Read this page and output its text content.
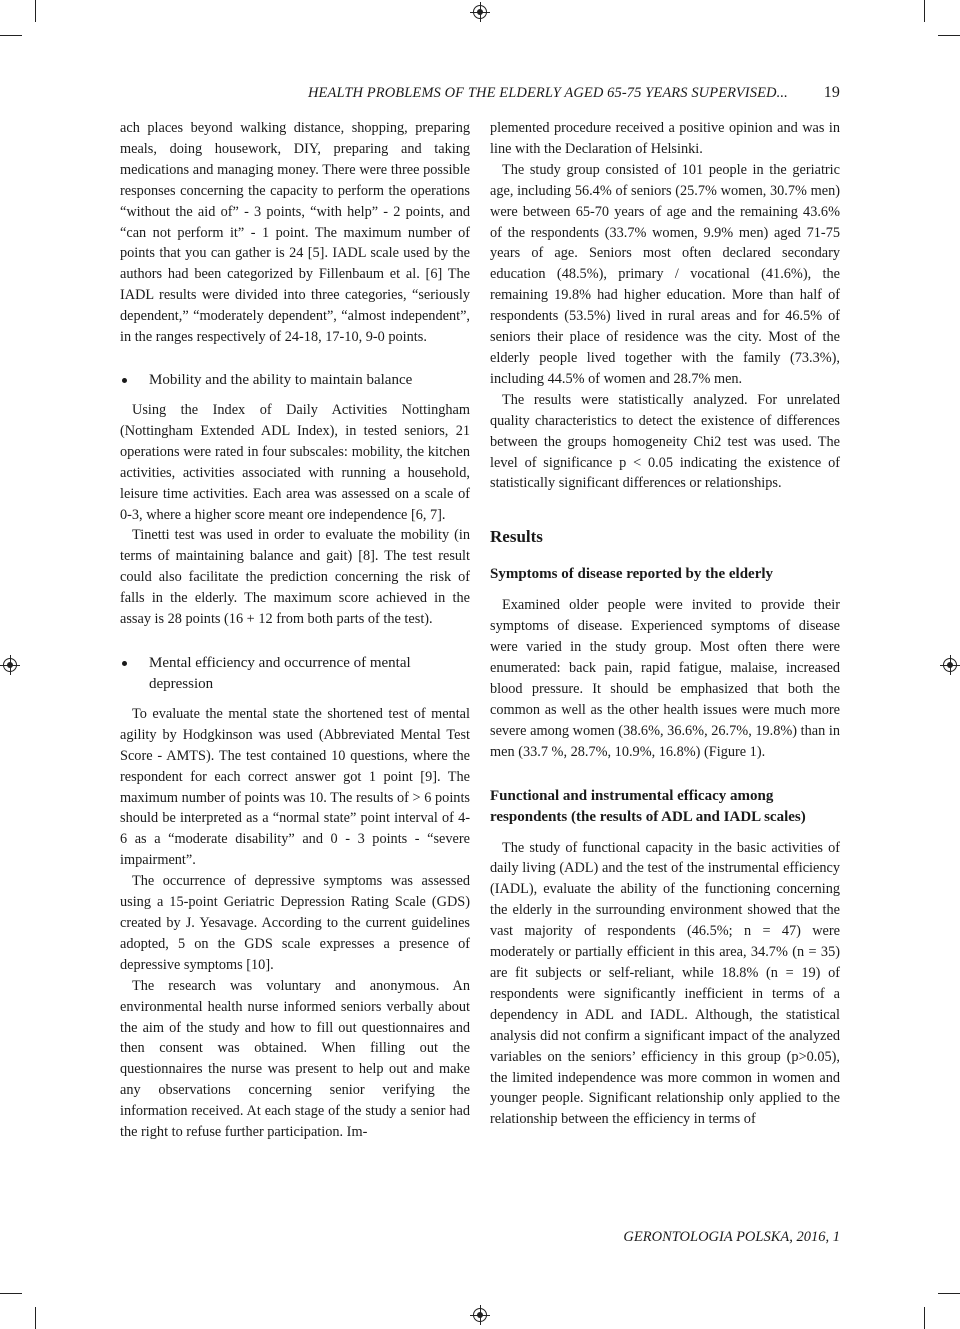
HEALTH PROBLEMS OF THE ELDERLY AGED 65-75 YEARS SUPERVISED... 19

ach places beyond walking distance, shopping, preparing meals, doing housework, DIY, preparing and taking medications and managing money. There were three possible responses concerning the capacity to perform the operations “without the aid of” - 3 points, “with help” - 2 points, and “can not perform it” - 1 point. The maximum number of points that you can gather is 24 [5]. IADL scale used by the authors had been categorized by Fillenbaum et al. [6] The IADL results were divided into three categories, “seriously dependent,” “moderately dependent”, “almost independent”, in the ranges respectively of 24-18, 17-10, 9-0 points.

Mobility and the ability to maintain balance

Using the Index of Daily Activities Nottingham (Nottingham Extended ADL Index), in tested seniors, 21 operations were rated in four subscales: mobility, the kitchen activities, activities associated with running a household, leisure time activities. Each area was assessed on a scale of 0-3, where a higher score meant ore independence [6, 7].

Tinetti test was used in order to evaluate the mobility (in terms of maintaining balance and gait) [8]. The test result could also facilitate the prediction concerning the risk of falls in the elderly. The maximum score achieved in the assay is 28 points (16 + 12 from both parts of the test).

Mental efficiency and occurrence of mental depression

To evaluate the mental state the shortened test of mental agility by Hodgkinson was used (Abbreviated Mental Test Score - AMTS). The test contained 10 questions, where the respondent for each correct answer got 1 point [9]. The maximum number of points was 10. The results of > 6 points should be interpreted as a “normal state” point interval of 4- 6 as a “moderate disability” and 0 - 3 points - “severe impairment”.

The occurrence of depressive symptoms was assessed using a 15-point Geriatric Depression Rating Scale (GDS) created by J. Yesavage. According to the current guidelines adopted, 5 on the GDS scale expresses a presence of depressive symptoms [10].

The research was voluntary and anonymous. An environmental health nurse informed seniors verbally about the aim of the study and how to fill out questionnaires and then consent was obtained. When filling out the questionnaires the nurse was present to help out and make any observations concerning senior verifying the information received. At each stage of the study a senior had the right to refuse further participation. Im-

plemented procedure received a positive opinion and was in line with the Declaration of Helsinki.

The study group consisted of 101 people in the geriatric age, including 56.4% of seniors (25.7% women, 30.7% men) were between 65-70 years of age and the remaining 43.6% of the respondents (33.7% women, 9.9% men) aged 71-75 years of age. Seniors most often declared secondary education (48.5%), primary / vocational (41.6%), the remaining 19.8% had higher education. More than half of respondents (53.5%) lived in rural areas and for 46.5% of seniors their place of residence was the city. Most of the elderly people lived together with the family (73.3%), including 44.5% of women and 28.7% men.

The results were statistically analyzed. For unrelated quality characteristics to detect the existence of differences between the groups homogeneity Chi2 test was used. The level of significance p < 0.05 indicating the existence of statistically significant differences or relationships.

Results
Symptoms of disease reported by the elderly

Examined older people were invited to provide their symptoms of disease. Experienced symptoms of disease were varied in the study group. Most often there were enumerated: back pain, rapid fatigue, malaise, increased blood pressure. It should be emphasized that both the common as well as the other health issues were much more severe among women (38.6%, 36.6%, 26.7%, 19.8%) than in men (33.7 %, 28.7%, 10.9%, 16.8%) (Figure 1).

Functional and instrumental efficacy among respondents (the results of ADL and IADL scales)

The study of functional capacity in the basic activities of daily living (ADL) and the test of the instrumental efficiency (IADL), evaluate the ability of the functioning concerning the elderly in the surrounding environment showed that the vast majority of respondents (46.5%; n = 47) were moderately or partially efficient in this area, 34.7% (n = 35) are fit subjects or self-reliant, while 18.8% (n = 19) of respondents were significantly inefficient in terms of a dependency in ADL and IADL. Although, the statistical analysis did not confirm a significant impact of the analyzed variables on the seniors’ efficiency in this group (p>0.05), the limited independence was more common in women and younger people. Significant relationship only applied to the relationship between the efficiency in terms of

GERONTOLOGIA POLSKA, 2016, 1
